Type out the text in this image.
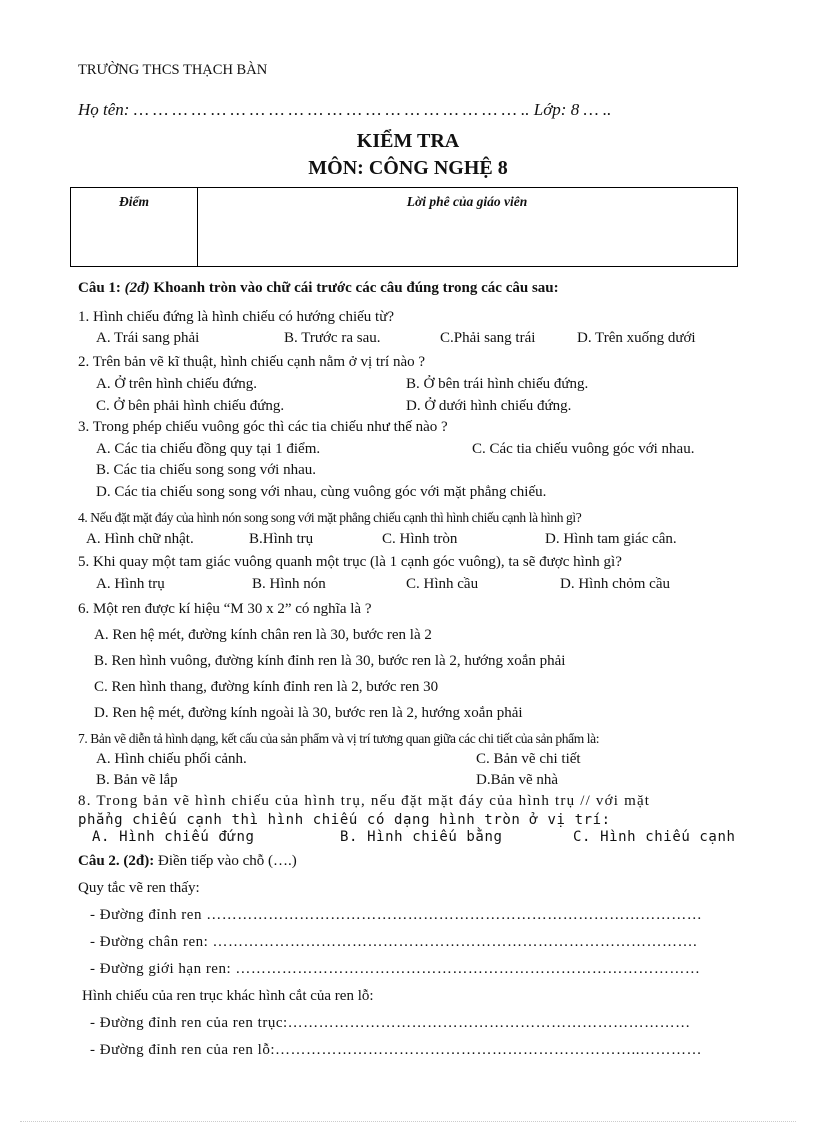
TRƯỜNG THCS THẠCH BÀN
Họ tên: … … … … … … … … … … … … … … … … … … … … .. Lớp: 8 … ..
KIỂM TRA
MÔN: CÔNG NGHỆ 8
Điểm	Lời phê của giáo viên
Câu 1: (2đ) Khoanh tròn vào chữ cái trước các câu đúng trong các câu sau:
1. Hình chiếu đứng là hình chiếu có hướng chiếu từ?
A. Trái sang phải	B. Trước ra sau.	C.Phải sang trái	D. Trên xuống dưới
2. Trên bản vẽ kĩ thuật, hình chiếu cạnh nằm ở vị trí nào ?
A. Ở trên hình chiếu đứng.	B. Ở bên trái hình chiếu đứng.
C. Ở bên phải hình chiếu đứng.	D. Ở dưới hình chiếu đứng.
3. Trong phép chiếu vuông góc thì các tia chiếu như thế nào ?
A. Các tia chiếu đồng quy tại 1 điểm.	C. Các tia chiếu vuông góc với nhau.
B. Các tia chiếu song song với nhau.
D. Các tia chiếu song song với nhau, cùng vuông góc với mặt phẳng chiếu.
4. Nếu đặt mặt đáy của hình nón song song với mặt phẳng chiếu cạnh thì hình chiếu cạnh là hình gì?
A. Hình chữ nhật.	B.Hình trụ	C. Hình tròn	D. Hình tam giác cân.
5. Khi quay một tam giác vuông quanh một trục (là 1 cạnh góc vuông), ta sẽ được hình gì?
A. Hình trụ	B. Hình nón	C. Hình cầu	D. Hình chỏm cầu
6. Một ren được kí hiệu “M 30 x 2” có nghĩa là ?
A. Ren hệ mét, đường kính chân ren là 30, bước ren là 2
B. Ren hình vuông, đường kính đỉnh ren là 30, bước ren là 2, hướng xoắn phải
C. Ren hình thang, đường kính đỉnh ren là 2, bước ren 30
D. Ren hệ mét, đường kính ngoài là 30, bước ren là 2, hướng xoắn phải
7. Bản vẽ diễn tả hình dạng, kết cấu của sản phẩm và vị trí tương quan giữa các chi tiết của sản phẩm là:
A. Hình chiếu phối cảnh.	C. Bản vẽ chi tiết
B. Bản vẽ lắp	D.Bản vẽ nhà
8. Trong bản vẽ hình chiếu của hình trụ, nếu đặt mặt đáy của hình trụ // với mặt
phẳng chiếu cạnh thì hình chiếu có dạng hình tròn ở vị trí:
A. Hình chiếu đứng	B. Hình chiếu bằng	C. Hình chiếu cạnh
Câu 2. (2đ): Điền tiếp vào chỗ (….)
Quy tắc vẽ ren thấy:
- Đường đỉnh ren ……………………………………………………………………………………
- Đường chân ren: ………………………………………………………………………………….
- Đường giới hạn ren: ………………………………………………………………………………
Hình chiếu của ren trục khác hình cắt của ren lỗ:
- Đường đỉnh ren của ren trục:……………………………………………………………………
- Đường đỉnh ren của ren lỗ:……………………………………………………………..…………
